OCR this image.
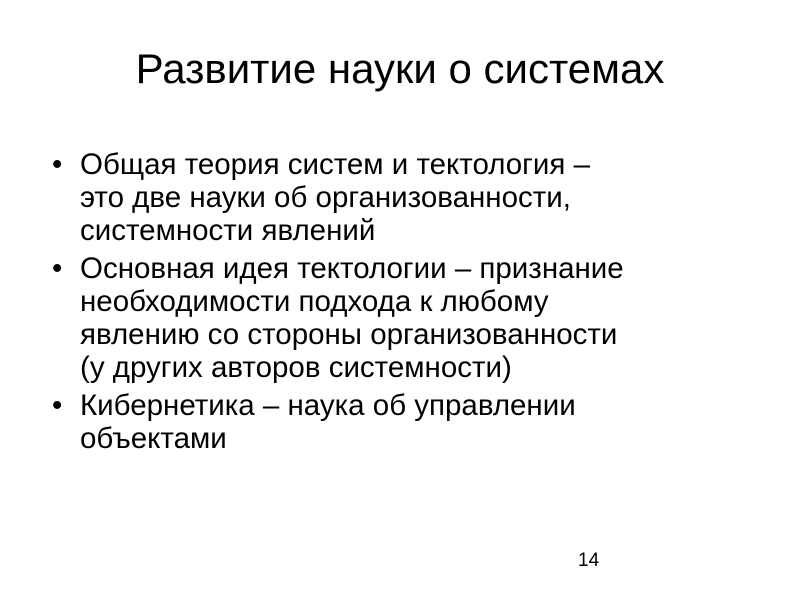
Развитие науки о системах
• Общая теория систем и тектология –
это две науки об организованности,
системности явлений
• Основная идея тектологии – признание
необходимости подхода к любому
явлению со стороны организованности
(у других авторов системности)
• Кибернетика – наука об управлении
объектами
14
